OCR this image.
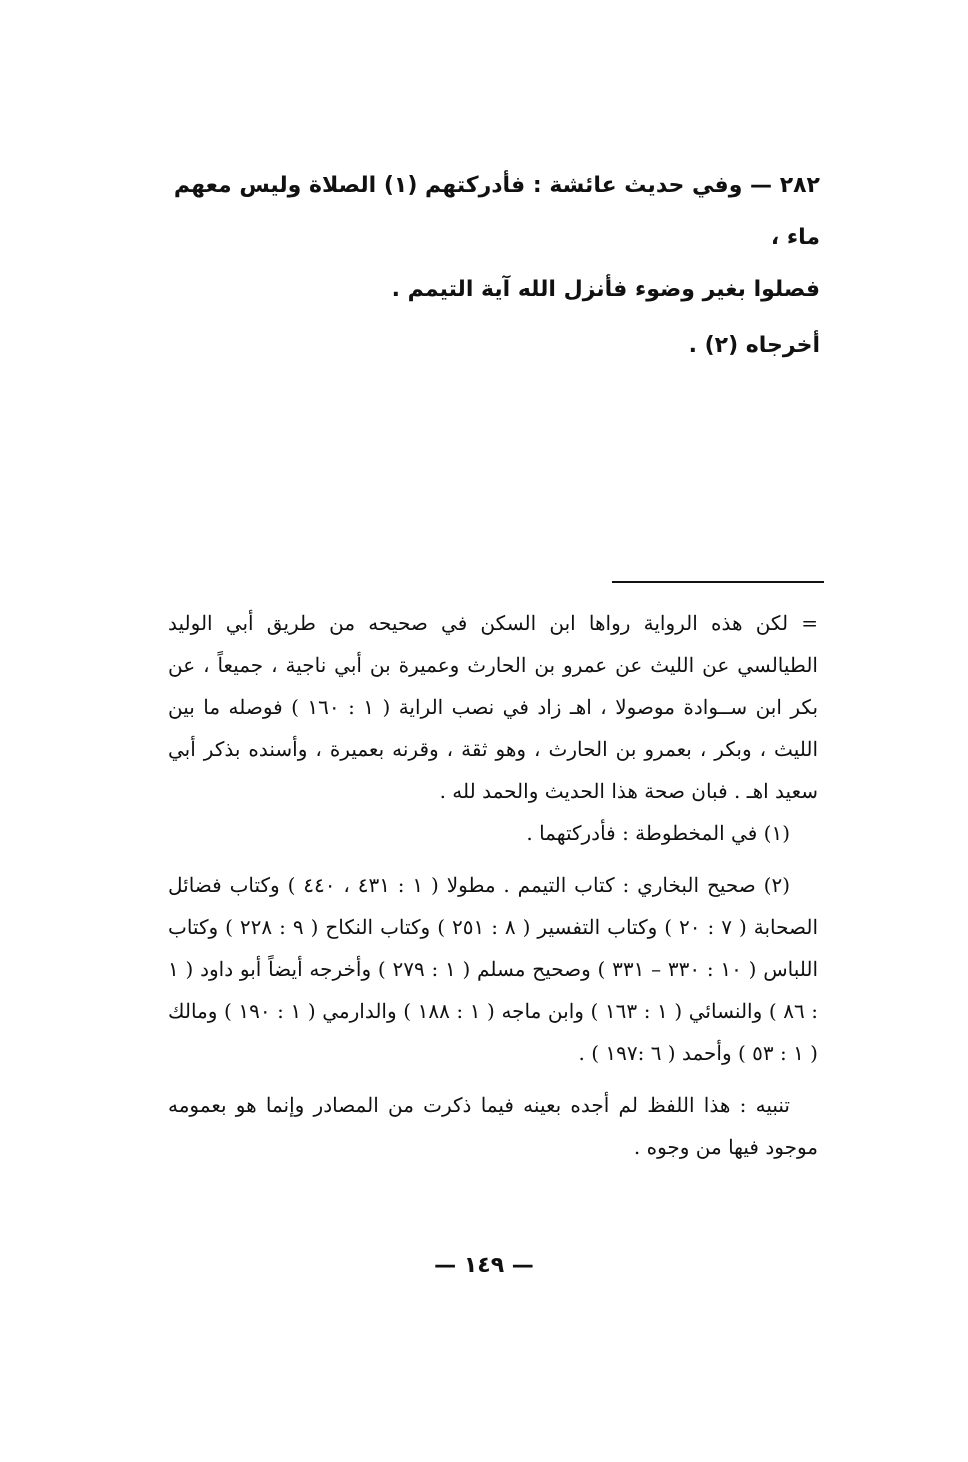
٢٨٢ — وفي حديث عائشة : فأدركتهم (١) الصلاة وليس معهم ماء ،

فصلوا بغير وضوء فأنزل الله آية التيمم .

أخرجاه (٢) .

= لكن هذه الرواية رواها ابن السكن في صحيحه من طريق أبي الوليد الطيالسي عن الليث عن عمرو بن الحارث وعميرة بن أبي ناجية ، جميعاً ، عن بكر ابن ســوادة موصولا ، اهـ زاد في نصب الراية ( ١ : ١٦٠ ) فوصله ما بين الليث ، وبكر ، بعمرو بن الحارث ، وهو ثقة ، وقرنه بعميرة ، وأسنده بذكر أبي سعيد اهـ . فبان صحة هذا الحديث والحمد لله .

(١) في المخطوطة : فأدركتهما .

(٢) صحيح البخاري : كتاب التيمم . مطولا ( ١ : ٤٣١ ، ٤٤٠ ) وكتاب فضائل الصحابة ( ٧ : ٢٠ ) وكتاب التفسير ( ٨ : ٢٥١ ) وكتاب النكاح ( ٩ : ٢٢٨ ) وكتاب اللباس ( ١٠ : ٣٣٠ – ٣٣١ ) وصحيح مسلم ( ١ : ٢٧٩ ) وأخرجه أيضاً أبو داود ( ١ : ٨٦ ) والنسائي ( ١ : ١٦٣ ) وابن ماجه ( ١ : ١٨٨ ) والدارمي ( ١ : ١٩٠ ) ومالك ( ١ : ٥٣ ) وأحمد ( ٦ :١٩٧ ) .

تنبيه : هذا اللفظ لم أجده بعينه فيما ذكرت من المصادر وإنما هو بعمومه موجود فيها من وجوه .

— ١٤٩ —
